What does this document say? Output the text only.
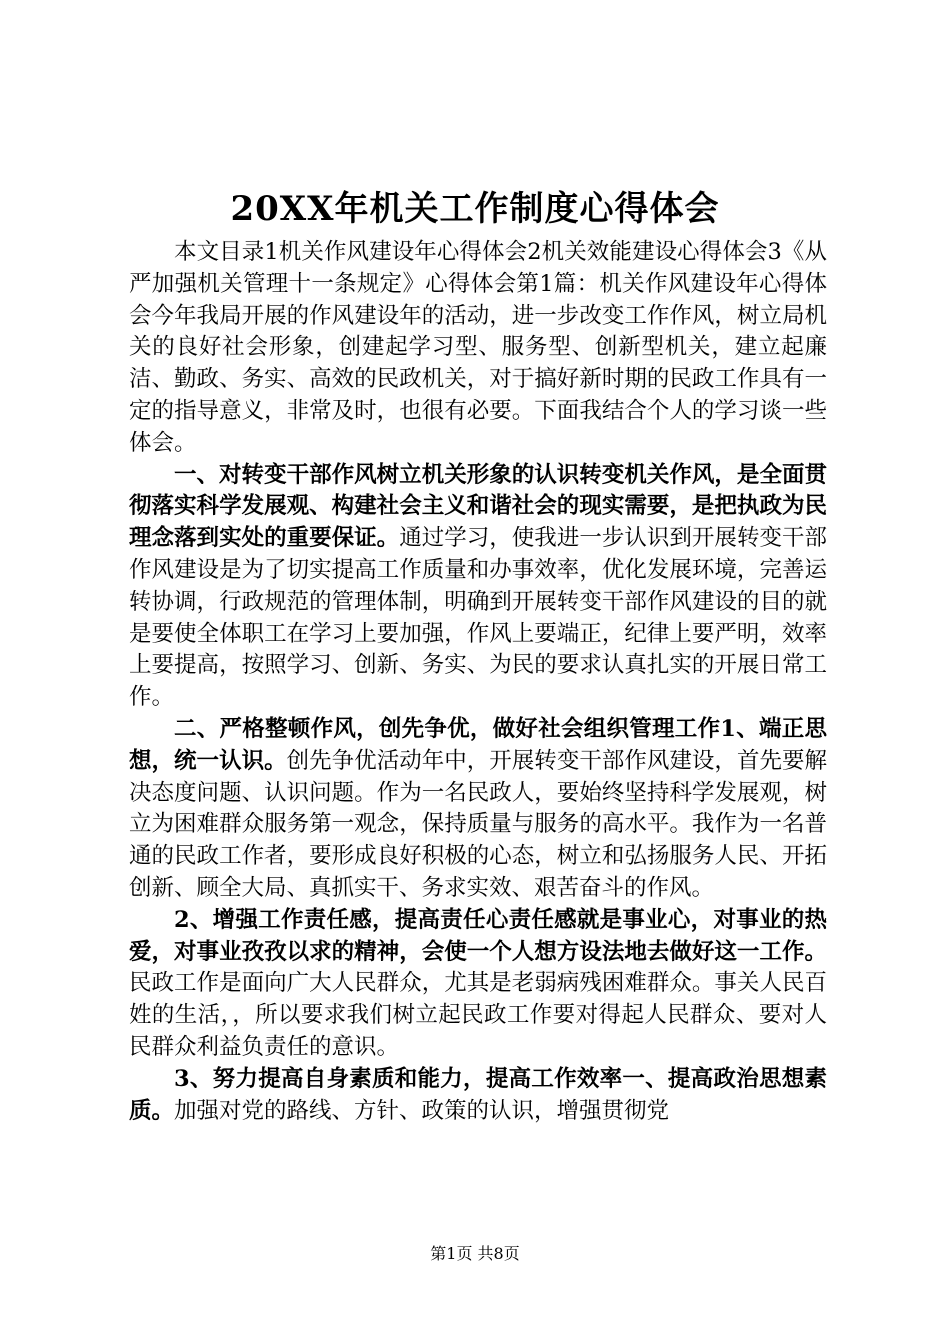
20XX年机关工作制度心得体会

本文目录1机关作风建设年心得体会2机关效能建设心得体会3《从严加强机关管理十一条规定》心得体会第1篇：机关作风建设年心得体会今年我局开展的作风建设年的活动，进一步改变工作作风，树立局机关的良好社会形象，创建起学习型、服务型、创新型机关，建立起廉洁、勤政、务实、高效的民政机关，对于搞好新时期的民政工作具有一定的指导意义，非常及时，也很有必要。下面我结合个人的学习谈一些体会。

一、对转变干部作风树立机关形象的认识转变机关作风，是全面贯彻落实科学发展观、构建社会主义和谐社会的现实需要，是把执政为民理念落到实处的重要保证。通过学习，使我进一步认识到开展转变干部作风建设是为了切实提高工作质量和办事效率，优化发展环境，完善运转协调，行政规范的管理体制，明确到开展转变干部作风建设的目的就是要使全体职工在学习上要加强，作风上要端正，纪律上要严明，效率上要提高，按照学习、创新、务实、为民的要求认真扎实的开展日常工作。

二、严格整顿作风，创先争优，做好社会组织管理工作1、端正思想，统一认识。创先争优活动年中，开展转变干部作风建设，首先要解决态度问题、认识问题。作为一名民政人，要始终坚持科学发展观，树立为困难群众服务第一观念，保持质量与服务的高水平。我作为一名普通的民政工作者，要形成良好积极的心态，树立和弘扬服务人民、开拓创新、顾全大局、真抓实干、务求实效、艰苦奋斗的作风。

2、增强工作责任感，提高责任心责任感就是事业心，对事业的热爱，对事业孜孜以求的精神，会使一个人想方设法地去做好这一工作。民政工作是面向广大人民群众，尤其是老弱病残困难群众。事关人民百姓的生活，，所以要求我们树立起民政工作要对得起人民群众、要对人民群众利益负责任的意识。

3、努力提高自身素质和能力，提高工作效率一、提高政治思想素质。加强对党的路线、方针、政策的认识，增强贯彻党

第1页 共8页
